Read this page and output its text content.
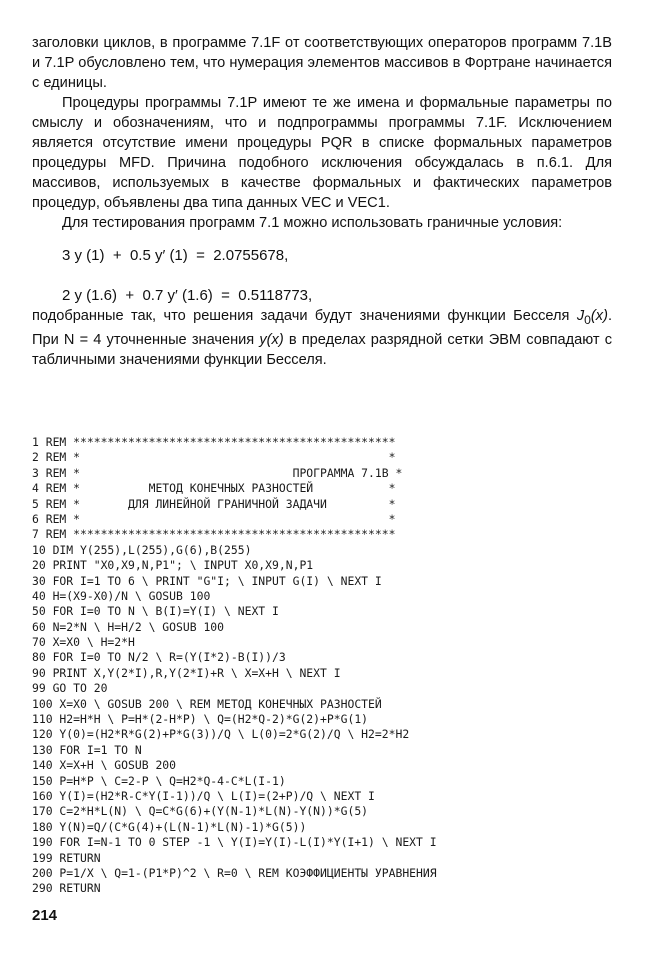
заголовки циклов, в программе 7.1F от соответствующих операторов программ 7.1B и 7.1P обусловлено тем, что нумерация элементов массивов в Фортране начинается с единицы.

Процедуры программы 7.1P имеют те же имена и формальные параметры по смыслу и обозначениям, что и подпрограммы программы 7.1F. Исключением является отсутствие имени процедуры PQR в списке формальных параметров процедуры MFD. Причина подобного исключения обсуждалась в п.6.1. Для массивов, используемых в качестве формальных и фактических параметров процедур, объявлены два типа данных VEC и VEC1.

Для тестирования программ 7.1 можно использовать граничные условия:

3 y (1)  +  0.5 y′ (1)  =  2.0755678,
2 y (1.6)  +  0.7 y′ (1.6)  =  0.5118773,

подобранные так, что решения задачи будут значениями функции Бесселя $J_0(x)$. При N = 4 уточненные значения y(x) в пределах разрядной сетки ЭВМ совпадают с табличными значениями функции Бесселя.

1 REM ***********************************************
2 REM *                                             *
3 REM *                               ПРОГРАММА 7.1B *
4 REM *          МЕТОД КОНЕЧНЫХ РАЗНОСТЕЙ           *
5 REM *       ДЛЯ ЛИНЕЙНОЙ ГРАНИЧНОЙ ЗАДАЧИ         *
6 REM *                                             *
7 REM ***********************************************
10 DIM Y(255),L(255),G(6),B(255)
20 PRINT "X0,X9,N,P1"; \ INPUT X0,X9,N,P1
30 FOR I=1 TO 6 \ PRINT "G"I; \ INPUT G(I) \ NEXT I
40 H=(X9-X0)/N \ GOSUB 100
50 FOR I=0 TO N \ B(I)=Y(I) \ NEXT I
60 N=2*N \ H=H/2 \ GOSUB 100
70 X=X0 \ H=2*H
80 FOR I=0 TO N/2 \ R=(Y(I*2)-B(I))/3
90 PRINT X,Y(2*I),R,Y(2*I)+R \ X=X+H \ NEXT I
99 GO TO 20
100 X=X0 \ GOSUB 200 \ REM МЕТОД КОНЕЧНЫХ РАЗНОСТЕЙ
110 H2=H*H \ P=H*(2-H*P) \ Q=(H2*Q-2)*G(2)+P*G(1)
120 Y(0)=(H2*R*G(2)+P*G(3))/Q \ L(0)=2*G(2)/Q \ H2=2*H2
130 FOR I=1 TO N
140 X=X+H \ GOSUB 200
150 P=H*P \ C=2-P \ Q=H2*Q-4-C*L(I-1)
160 Y(I)=(H2*R-C*Y(I-1))/Q \ L(I)=(2+P)/Q \ NEXT I
170 C=2*H*L(N) \ Q=C*G(6)+(Y(N-1)*L(N)-Y(N))*G(5)
180 Y(N)=Q/(C*G(4)+(L(N-1)*L(N)-1)*G(5))
190 FOR I=N-1 TO 0 STEP -1 \ Y(I)=Y(I)-L(I)*Y(I+1) \ NEXT I
199 RETURN
200 P=1/X \ Q=1-(P1*P)^2 \ R=0 \ REM КОЭФФИЦИЕНТЫ УРАВНЕНИЯ
290 RETURN
214
